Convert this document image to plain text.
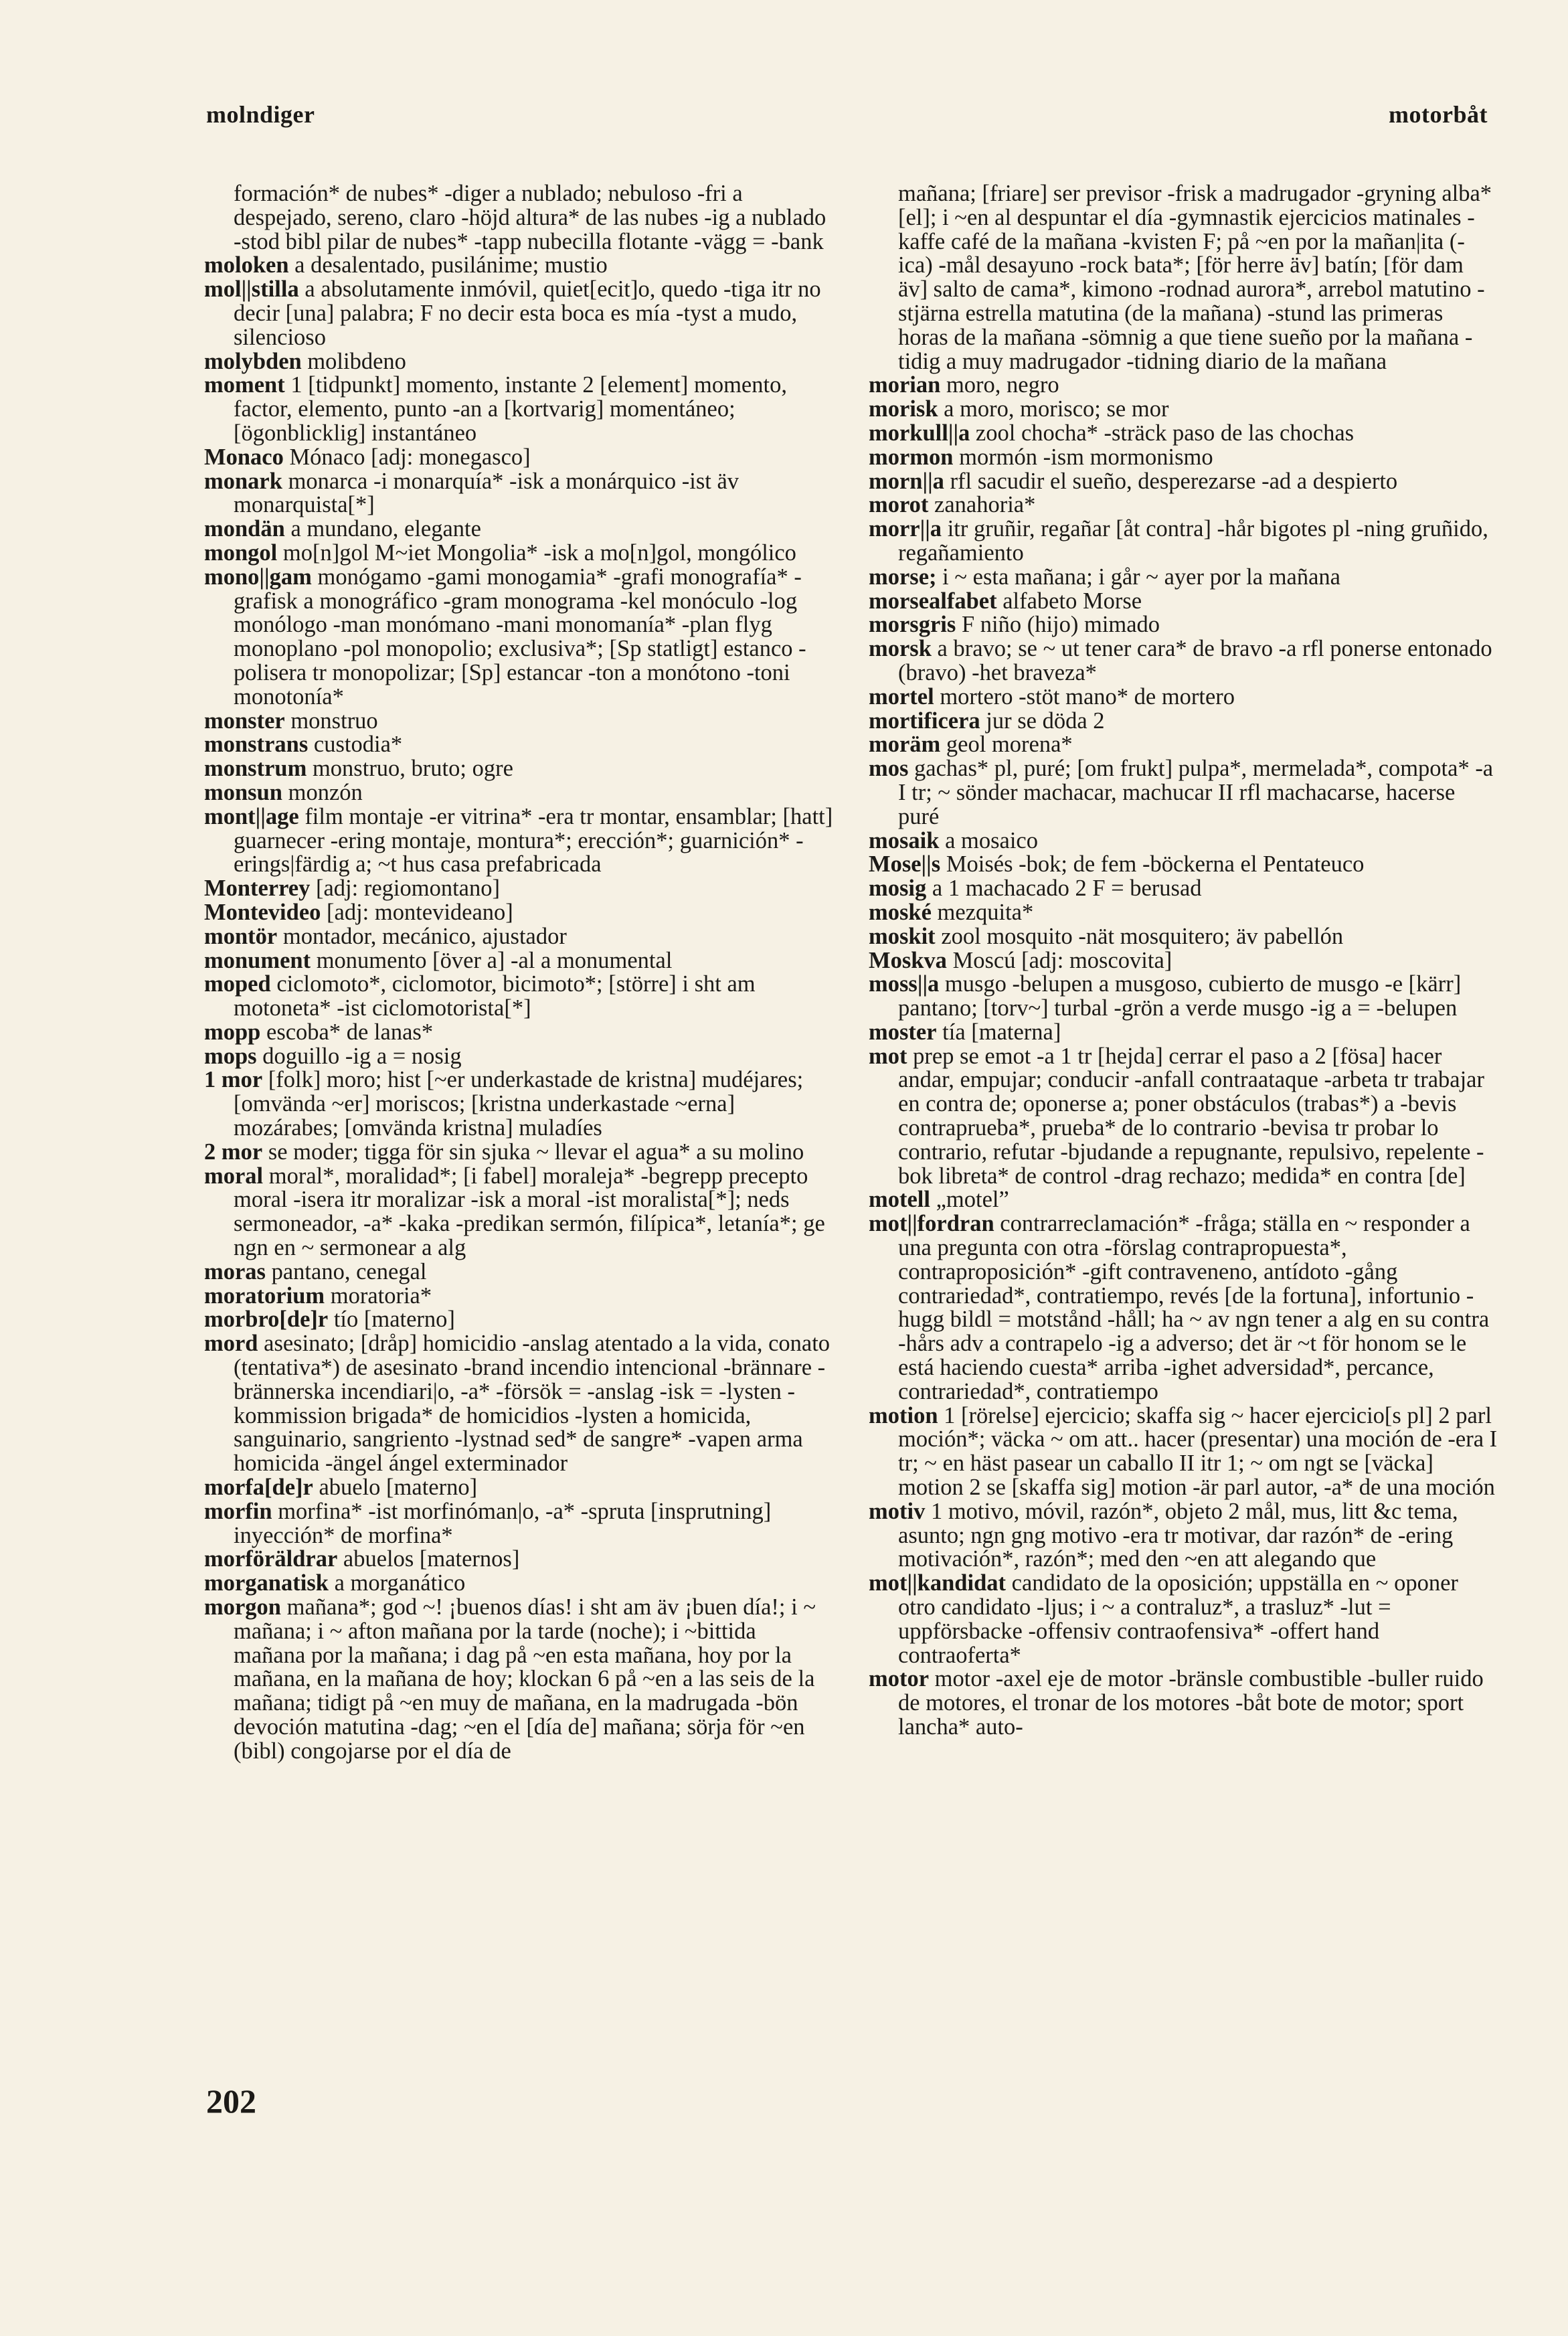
molndiger	motorbåt

formación* de nubes* -diger a nublado; nebuloso -fri a despejado, sereno, claro -höjd altura* de las nubes -ig a nublado -stod bibl pilar de nubes* -tapp nubecilla flotante -vägg = -bank

moloken a desalentado, pusilánime; mustio

mol||stilla a absolutamente inmóvil, quiet[ecit]o, quedo -tiga itr no decir [una] palabra; F no decir esta boca es mía -tyst a mudo, silencioso

molybden molibdeno

moment 1 [tidpunkt] momento, instante 2 [element] momento, factor, elemento, punto -an a [kortvarig] momentáneo; [ögonblicklig] instantáneo

Monaco Mónaco [adj: monegasco]

monark monarca -i monarquía* -isk a monárquico -ist äv monarquista[*]

mondän a mundano, elegante

mongol mo[n]gol M~iet Mongolia* -isk a mo[n]gol, mongólico

mono||gam monógamo -gami monogamia* -grafi monografía* -grafisk a monográfico -gram monograma -kel monóculo -log monólogo -man monómano -mani monomanía* -plan flyg monoplano -pol monopolio; exclusiva*; [Sp statligt] estanco -polisera tr monopolizar; [Sp] estancar -ton a monótono -toni monotonía*

monster monstruo

monstrans custodia*

monstrum monstruo, bruto; ogre

monsun monzón

mont||age film montaje -er vitrina* -era tr montar, ensamblar; [hatt] guarnecer -ering montaje, montura*; erección*; guarnición* -erings|färdig a; ~t hus casa prefabricada

Monterrey [adj: regiomontano]

Montevideo [adj: montevideano]

montör montador, mecánico, ajustador

monument monumento [över a] -al a monumental

moped ciclomoto*, ciclomotor, bicimoto*; [större] i sht am motoneta* -ist ciclomotorista[*]

mopp escoba* de lanas*

mops doguillo -ig a = nosig

1 mor [folk] moro; hist [~er underkastade de kristna] mudéjares; [omvända ~er] moriscos; [kristna underkastade ~erna] mozárabes; [omvända kristna] muladíes

2 mor se moder; tigga för sin sjuka ~ llevar el agua* a su molino

moral moral*, moralidad*; [i fabel] moraleja* -begrepp precepto moral -isera itr moralizar -isk a moral -ist moralista[*]; neds sermoneador, -a* -kaka -predikan sermón, filípica*, letanía*; ge ngn en ~ sermonear a alg

moras pantano, cenegal

moratorium moratoria*

morbro[de]r tío [materno]

mord asesinato; [dråp] homicidio -anslag atentado a la vida, conato (tentativa*) de asesinato -brand incendio intencional -brännare -brännerska incendiari|o, -a* -försök = -anslag -isk = -lysten -kommission brigada* de homicidios -lysten a homicida, sanguinario, sangriento -lystnad sed* de sangre* -vapen arma homicida -ängel ángel exterminador

morfa[de]r abuelo [materno]

morfin morfina* -ist morfinóman|o, -a* -spruta [insprutning] inyección* de morfina*

morföräldrar abuelos [maternos]

morganatisk a morganático

morgon mañana*; god ~! ¡buenos días! i sht am äv ¡buen día!; i ~ mañana; i ~ afton mañana por la tarde (noche); i ~bittida mañana por la mañana; i dag på ~en esta mañana, hoy por la mañana, en la mañana de hoy; klockan 6 på ~en a las seis de la mañana; tidigt på ~en muy de mañana, en la madrugada -bön devoción matutina -dag; ~en el [día de] mañana; sörja för ~en (bibl) congojarse por el día de

mañana; [friare] ser previsor -frisk a madrugador -gryning alba* [el]; i ~en al despuntar el día -gymnastik ejercicios matinales -kaffe café de la mañana -kvisten F; på ~en por la mañan|ita (-ica) -mål desayuno -rock bata*; [för herre äv] batín; [för dam äv] salto de cama*, kimono -rodnad aurora*, arrebol matutino -stjärna estrella matutina (de la mañana) -stund las primeras horas de la mañana -sömnig a que tiene sueño por la mañana -tidig a muy madrugador -tidning diario de la mañana

morian moro, negro

morisk a moro, morisco; se mor

morkull||a zool chocha* -sträck paso de las chochas

mormon mormón -ism mormonismo

morn||a rfl sacudir el sueño, desperezarse -ad a despierto

morot zanahoria*

morr||a itr gruñir, regañar [åt contra] -hår bigotes pl -ning gruñido, regañamiento

morse; i ~ esta mañana; i går ~ ayer por la mañana

morsealfabet alfabeto Morse

morsgris F niño (hijo) mimado

morsk a bravo; se ~ ut tener cara* de bravo -a rfl ponerse entonado (bravo) -het braveza*

mortel mortero -stöt mano* de mortero

mortificera jur se döda 2

moräm geol morena*

mos gachas* pl, puré; [om frukt] pulpa*, mermelada*, compota* -a I tr; ~ sönder machacar, machucar II rfl machacarse, hacerse puré

mosaik a mosaico

Mose||s Moisés -bok; de fem -böckerna el Pentateuco

mosig a 1 machacado 2 F = berusad

moské mezquita*

moskit zool mosquito -nät mosquitero; äv pabellón

Moskva Moscú [adj: moscovita]

moss||a musgo -belupen a musgoso, cubierto de musgo -e [kärr] pantano; [torv~] turbal -grön a verde musgo -ig a = -belupen

moster tía [materna]

mot prep se emot -a 1 tr [hejda] cerrar el paso a 2 [fösa] hacer andar, empujar; conducir -anfall contraataque -arbeta tr trabajar en contra de; oponerse a; poner obstáculos (trabas*) a -bevis contraprueba*, prueba* de lo contrario -bevisa tr probar lo contrario, refutar -bjudande a repugnante, repulsivo, repelente -bok libreta* de control -drag rechazo; medida* en contra [de]

motell „motel”

mot||fordran contrarreclamación* -fråga; ställa en ~ responder a una pregunta con otra -förslag contrapropuesta*, contraproposición* -gift contraveneno, antídoto -gång contrariedad*, contratiempo, revés [de la fortuna], infortunio -hugg bildl = motstånd -håll; ha ~ av ngn tener a alg en su contra -hårs adv a contrapelo -ig a adverso; det är ~t för honom se le está haciendo cuesta* arriba -ighet adversidad*, percance, contrariedad*, contratiempo

motion 1 [rörelse] ejercicio; skaffa sig ~ hacer ejercicio[s pl] 2 parl moción*; väcka ~ om att.. hacer (presentar) una moción de -era I tr; ~ en häst pasear un caballo II itr 1; ~ om ngt se [väcka] motion 2 se [skaffa sig] motion -är parl autor, -a* de una moción

motiv 1 motivo, móvil, razón*, objeto 2 mål, mus, litt &c tema, asunto; ngn gng motivo -era tr motivar, dar razón* de -ering motivación*, razón*; med den ~en att alegando que

mot||kandidat candidato de la oposición; uppställa en ~ oponer otro candidato -ljus; i ~ a contraluz*, a trasluz* -lut = uppförsbacke -offensiv contraofensiva* -offert hand contraoferta*

motor motor -axel eje de motor -bränsle combustible -buller ruido de motores, el tronar de los motores -båt bote de motor; sport lancha* auto-

202
